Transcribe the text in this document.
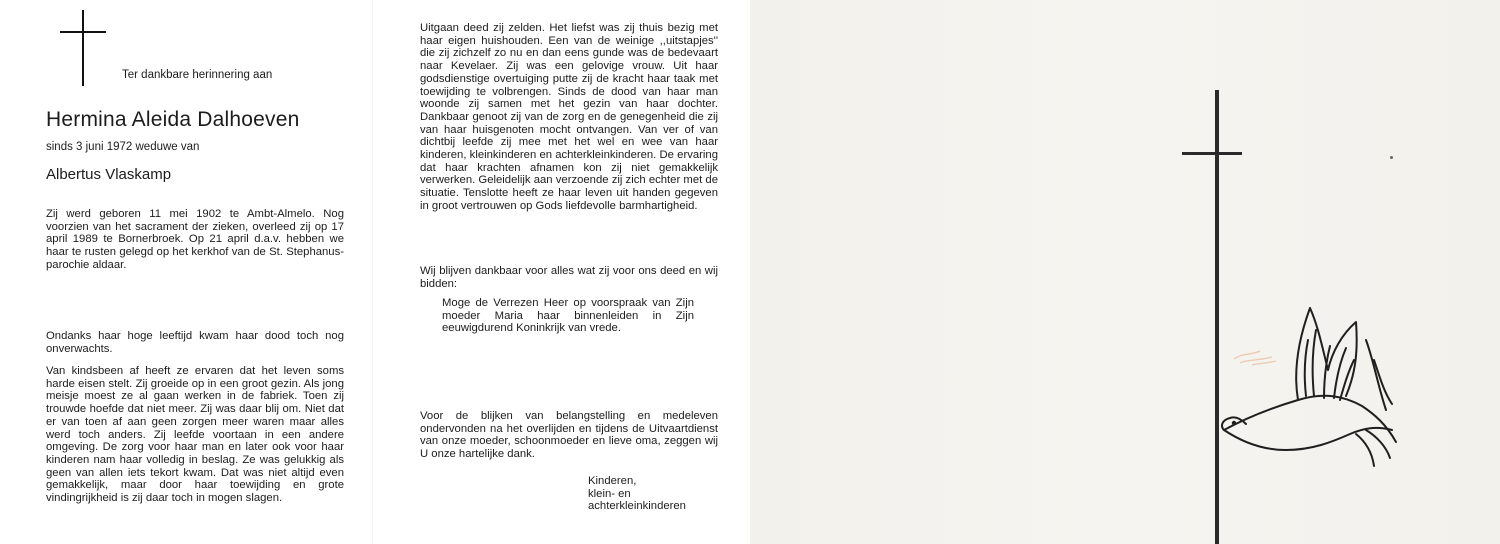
Ter dankbare herinnering aan
Hermina Aleida Dalhoeven
sinds 3 juni 1972 weduwe van
Albertus Vlaskamp

Zij werd geboren 11 mei 1902 te Ambt-Almelo. Nog voorzien van het sacrament der zieken, overleed zij op 17 april 1989 te Bornerbroek. Op 21 april d.a.v. hebben we haar te rusten gelegd op het kerkhof van de St. Stephanus-parochie aldaar.

Ondanks haar hoge leeftijd kwam haar dood toch nog onverwachts.

Van kindsbeen af heeft ze ervaren dat het leven soms harde eisen stelt. Zij groeide op in een groot gezin. Als jong meisje moest ze al gaan werken in de fabriek. Toen zij trouwde hoefde dat niet meer. Zij was daar blij om. Niet dat er van toen af aan geen zorgen meer waren maar alles werd toch anders. Zij leefde voortaan in een andere omgeving. De zorg voor haar man en later ook voor haar kinderen nam haar volledig in beslag. Ze was gelukkig als geen van allen iets tekort kwam. Dat was niet altijd even gemakkelijk, maar door haar toewijding en grote vindingrijkheid is zij daar toch in mogen slagen.

Uitgaan deed zij zelden. Het liefst was zij thuis bezig met haar eigen huishouden. Een van de weinige ,,uitstapjes'' die zij zichzelf zo nu en dan eens gunde was de bedevaart naar Kevelaer. Zij was een gelovige vrouw. Uit haar godsdienstige overtuiging putte zij de kracht haar taak met toewijding te volbrengen. Sinds de dood van haar man woonde zij samen met het gezin van haar dochter. Dankbaar genoot zij van de zorg en de genegenheid die zij van haar huisgenoten mocht ontvangen. Van ver of van dichtbij leefde zij mee met het wel en wee van haar kinderen, kleinkinderen en achterkleinkinderen. De ervaring dat haar krachten afnamen kon zij niet gemakkelijk verwerken. Geleidelijk aan verzoende zij zich echter met de situatie. Tenslotte heeft ze haar leven uit handen gegeven in groot vertrouwen op Gods liefdevolle barmhartigheid.

Wij blijven dankbaar voor alles wat zij voor ons deed en wij bidden:

Moge de Verrezen Heer op voorspraak van Zijn moeder Maria haar binnenleiden in Zijn eeuwigdurend Koninkrijk van vrede.

Voor de blijken van belangstelling en medeleven ondervonden na het overlijden en tijdens de Uitvaartdienst van onze moeder, schoonmoeder en lieve oma, zeggen wij U onze hartelijke dank.

Kinderen,
klein- en
achterkleinkinderen
